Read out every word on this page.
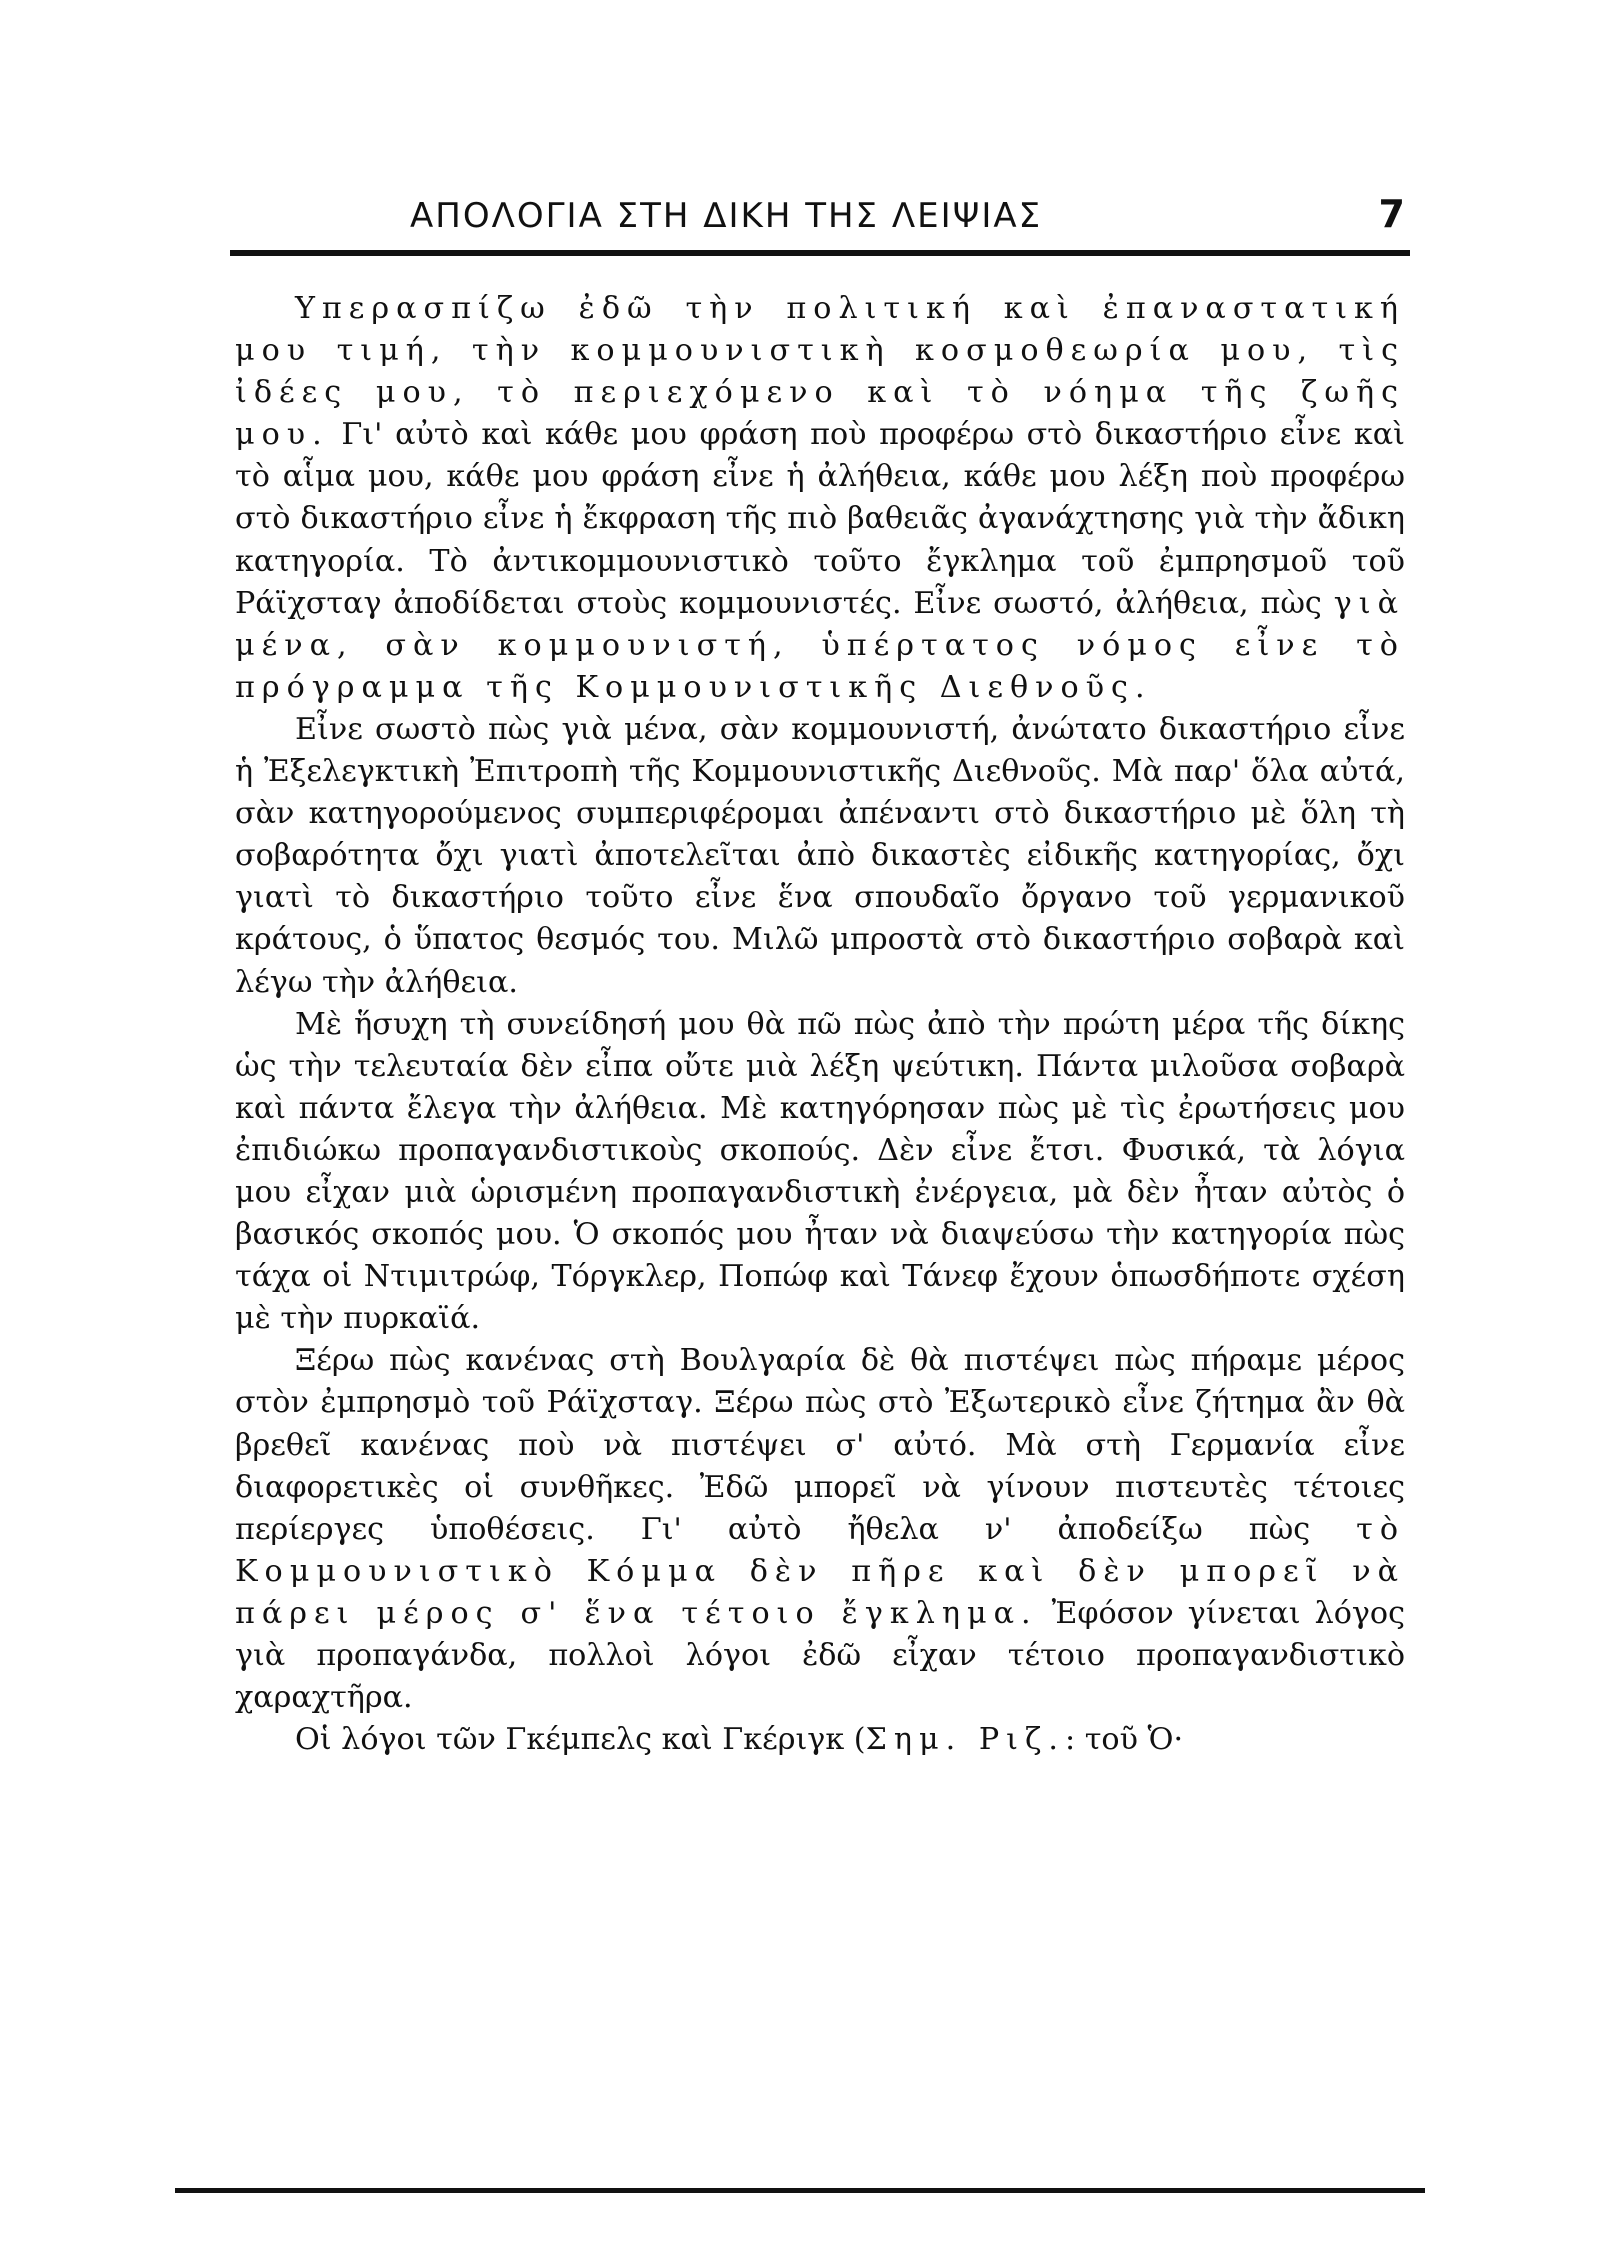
ΑΠΟΛΟΓΙΑ ΣΤΗ ΔΙΚΗ ΤΗΣ ΛΕΙΨΙΑΣ	7

Υπερασπίζω ἐδῶ τὴν πολιτική καὶ ἐπαναστατική μου τιμή, τὴν κομμουνιστικὴ κοσμοθεωρία μου, τὶς ἰδέες μου, τὸ περιεχόμενο καὶ τὸ νόημα τῆς ζωῆς μου. Γι' αὐτὸ καὶ κάθε μου φράση ποὺ προφέρω στὸ δικαστήριο εἶνε καὶ τὸ αἷμα μου, κάθε μου φράση εἶνε ἡ ἀλήθεια, κάθε μου λέξη ποὺ προφέρω στὸ δικαστήριο εἶνε ἡ ἔκφραση τῆς πιὸ βαθειᾶς ἀγανάχτησης γιὰ τὴν ἄδικη κατηγορία. Τὸ ἀντικομμουνιστικὸ τοῦτο ἔγκλημα τοῦ ἐμπρησμοῦ τοῦ Ράϊχσταγ ἀποδίδεται στοὺς κομμουνιστές. Εἶνε σωστό, ἀλήθεια, πὼς γιὰ μένα, σὰν κομμουνιστή, ὑπέρτατος νόμος εἶνε τὸ πρόγραμμα τῆς Κομμουνιστικῆς Διεθνοῦς.

Εἶνε σωστὸ πὼς γιὰ μένα, σὰν κομμουνιστή, ἀνώτατο δικαστήριο εἶνε ἡ Ἐξελεγκτικὴ Ἐπιτροπὴ τῆς Κομμουνιστικῆς Διεθνοῦς. Μὰ παρ' ὅλα αὐτά, σὰν κατηγορούμενος συμπεριφέρομαι ἀπέναντι στὸ δικαστήριο μὲ ὅλη τὴ σοβαρότητα ὄχι γιατὶ ἀποτελεῖται ἀπὸ δικαστὲς εἰδικῆς κατηγορίας, ὄχι γιατὶ τὸ δικαστήριο τοῦτο εἶνε ἕνα σπουδαῖο ὄργανο τοῦ γερμανικοῦ κράτους, ὁ ὕπατος θεσμός του. Μιλῶ μπροστὰ στὸ δικαστήριο σοβαρὰ καὶ λέγω τὴν ἀλήθεια.

Μὲ ἥσυχη τὴ συνείδησή μου θὰ πῶ πὼς ἀπὸ τὴν πρώτη μέρα τῆς δίκης ὡς τὴν τελευταία δὲν εἶπα οὔτε μιὰ λέξη ψεύτικη. Πάντα μιλοῦσα σοβαρὰ καὶ πάντα ἔλεγα τὴν ἀλήθεια. Μὲ κατηγόρησαν πὼς μὲ τὶς ἐρωτήσεις μου ἐπιδιώκω προπαγανδιστικοὺς σκοπούς. Δὲν εἶνε ἔτσι. Φυσικά, τὰ λόγια μου εἶχαν μιὰ ὡρισμένη προπαγανδιστικὴ ἐνέργεια, μὰ δὲν ἦταν αὐτὸς ὁ βασικός σκοπός μου. Ὁ σκοπός μου ἦταν νὰ διαψεύσω τὴν κατηγορία πὼς τάχα οἱ Ντιμιτρώφ, Τόργκλερ, Ποπώφ καὶ Τάνεφ ἔχουν ὁπωσδήποτε σχέση μὲ τὴν πυρκαϊά.

Ξέρω πὼς κανένας στὴ Βουλγαρία δὲ θὰ πιστέψει πὼς πήραμε μέρος στὸν ἐμπρησμὸ τοῦ Ράϊχσταγ. Ξέρω πὼς στὸ Ἐξωτερικὸ εἶνε ζήτημα ἂν θὰ βρεθεῖ κανένας ποὺ νὰ πιστέψει σ' αὐτό. Μὰ στὴ Γερμανία εἶνε διαφορετικὲς οἱ συνθῆκες. Ἐδῶ μπορεῖ νὰ γίνουν πιστευτὲς τέτοιες περίεργες ὑποθέσεις. Γι' αὐτὸ ἤθελα ν' ἀποδείξω πὼς τὸ Κομμουνιστικὸ Κόμμα δὲν πῆρε καὶ δὲν μπορεῖ νὰ πάρει μέρος σ' ἕνα τέτοιο ἔγκλημα. Ἐφόσον γίνεται λόγος γιὰ προπαγάνδα, πολλοὶ λόγοι ἐδῶ εἶχαν τέτοιο προπαγανδιστικὸ χαραχτῆρα.

Οἱ λόγοι τῶν Γκέμπελς καὶ Γκέριγκ (Σημ. Ριζ.: τοῦ Ὁ·
